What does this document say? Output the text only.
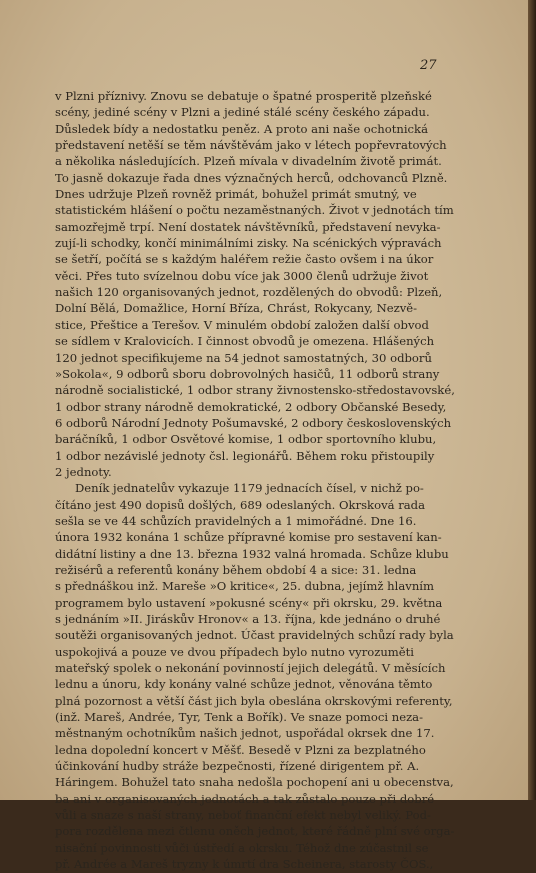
27
v Plzni příznivy. Znovu se debatuje o špatné prosperitě plzeňské
scény, jediné scény v Plzni a jediné stálé scény českého západu.
Důsledek bídy a nedostatku peněz. A proto ani naše ochotnická
představení netěší se těm návštěvám jako v létech popřevratových
a několika následujících. Plzeň mívala v divadelním životě primát.
To jasně dokazuje řada dnes význačných herců, odchovanců Plzně.
Dnes udržuje Plzeň rovněž primát, bohužel primát smutný, ve
statistickém hlášení o počtu nezaměstnaných. Život v jednotách tím
samozřejmě trpí. Není dostatek návštěvníků, představení nevyka-
zují-li schodky, končí minimálními zisky. Na scénických výpravách
se šetří, počítá se s každým haléřem režie často ovšem i na úkor
věci. Přes tuto svízelnou dobu více jak 3000 členů udržuje život
našich 120 organisovaných jednot, rozdělených do obvodů: Plzeň,
Dolní Bělá, Domažlice, Horní Bříza, Chrást, Rokycany, Nezvě-
stice, Přeštice a Terešov. V minulém období založen další obvod
se sídlem v Kralovicích. I činnost obvodů je omezena. Hlášených
120 jednot specifikujeme na 54 jednot samostatných, 30 odborů
»Sokola«, 9 odborů sboru dobrovolných hasičů, 11 odborů strany
národně socialistické, 1 odbor strany živnostensko-středostavovské,
1 odbor strany národně demokratické, 2 odbory Občanské Besedy,
6 odborů Národní Jednoty Pošumavské, 2 odbory československých
baráčníků, 1 odbor Osvětové komise, 1 odbor sportovního klubu,
1 odbor nezávislé jednoty čsl. legionářů. Během roku přistoupily
2 jednoty.
Deník jednatelův vykazuje 1179 jednacích čísel, v nichž po-
čítáno jest 490 dopisů došlých, 689 odeslaných. Okrsková rada
sešla se ve 44 schůzích pravidelných a 1 mimořádné. Dne 16.
února 1932 konána 1 schůze přípravné komise pro sestavení kan-
didátní listiny a dne 13. března 1932 valná hromada. Schůze klubu
režisérů a referentů konány během období 4 a sice: 31. ledna
s přednáškou inž. Mareše »O kritice«, 25. dubna, jejímž hlavním
programem bylo ustavení »pokusné scény« při okrsku, 29. května
s jednáním »II. Jiráskův Hronov« a 13. října, kde jednáno o druhé
soutěži organisovaných jednot. Účast pravidelných schůzí rady byla
uspokojivá a pouze ve dvou případech bylo nutno vyrozuměti
mateřský spolek o nekonání povinností jejich delegátů. V měsících
lednu a únoru, kdy konány valné schůze jednot, věnována těmto
plná pozornost a větší část jich byla obeslána okrskovými referenty,
(inž. Mareš, Andrée, Tyr, Tenk a Bořík). Ve snaze pomoci neza-
městnaným ochotníkům našich jednot, uspořádal okrsek dne 17.
ledna dopolední koncert v Měšť. Besedě v Plzni za bezplatného
účinkování hudby stráže bezpečnosti, řízené dirigentem př. A.
Háringem. Bohužel tato snaha nedošla pochopení ani u obecenstva,
ba ani v organisovaných jednotách a tak zůstalo pouze při dobré
vůli a snaze s naší strany, neboť finanční efekt nebyl veliký. Pod-
pora rozdělena mezi čtlenu oněch jednot, které řádně plní své orga-
nisační povinnosti vůči ústředí a okrsku. Téhož dne zúčastnil se
př. Andrée a Mareš tryzny k úmrtí dra Scheinera, starosty ČOS.,
